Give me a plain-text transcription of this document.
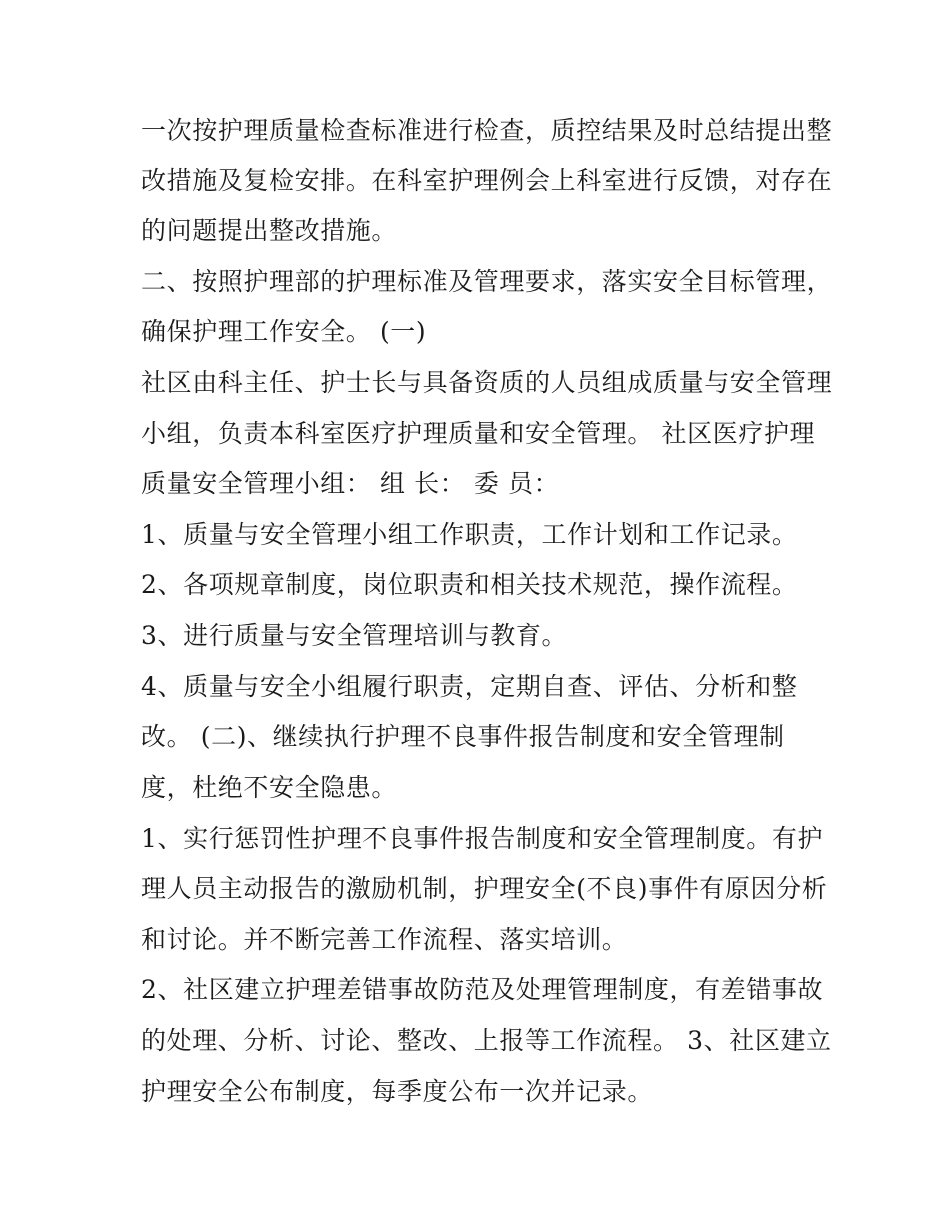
一次按护理质量检查标准进行检查，质控结果及时总结提出整
改措施及复检安排。在科室护理例会上科室进行反馈，对存在
的问题提出整改措施。
二、按照护理部的护理标准及管理要求，落实安全目标管理，
确保护理工作安全。 (一)
社区由科主任、护士长与具备资质的人员组成质量与安全管理
小组，负责本科室医疗护理质量和安全管理。 社区医疗护理
质量安全管理小组： 组 长： 委 员：
1、质量与安全管理小组工作职责，工作计划和工作记录。
2、各项规章制度，岗位职责和相关技术规范，操作流程。
3、进行质量与安全管理培训与教育。
4、质量与安全小组履行职责，定期自查、评估、分析和整
改。 (二)、继续执行护理不良事件报告制度和安全管理制
度，杜绝不安全隐患。
1、实行惩罚性护理不良事件报告制度和安全管理制度。有护
理人员主动报告的激励机制，护理安全(不良)事件有原因分析
和讨论。并不断完善工作流程、落实培训。
2、社区建立护理差错事故防范及处理管理制度，有差错事故
的处理、分析、讨论、整改、上报等工作流程。 3、社区建立
护理安全公布制度，每季度公布一次并记录。
